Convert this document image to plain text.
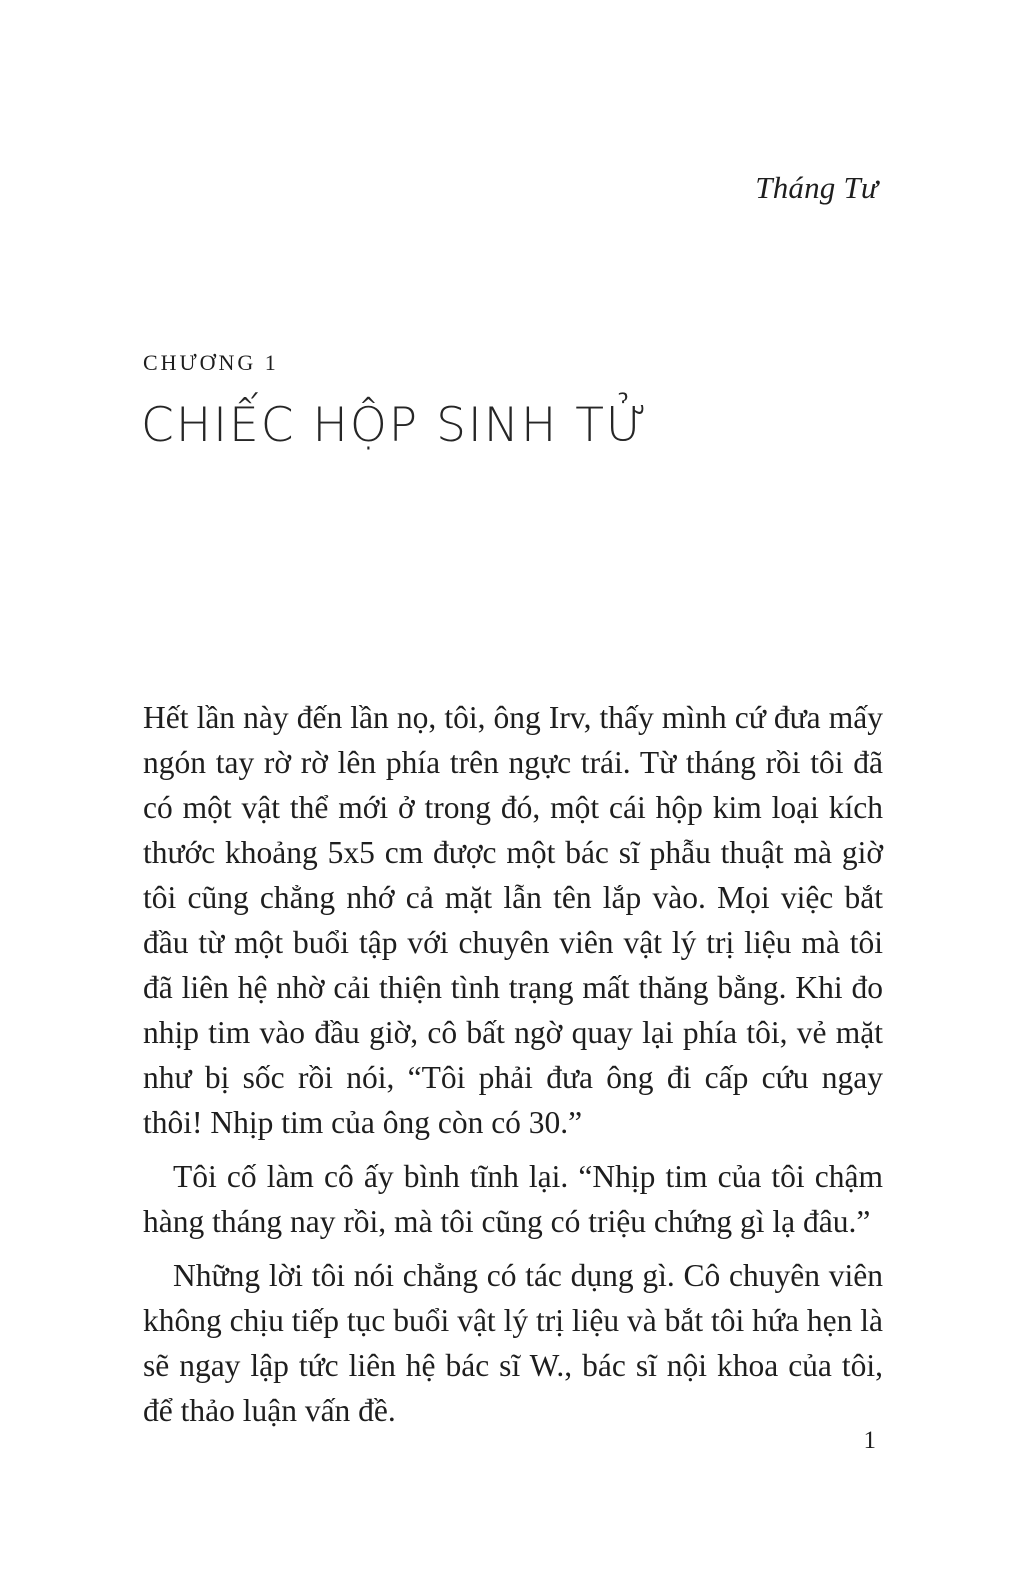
Tháng Tư
CHƯƠNG 1
CHIẾC HỘP SINH TỬ

Hết lần này đến lần nọ, tôi, ông Irv, thấy mình cứ đưa mấy ngón tay rờ rờ lên phía trên ngực trái. Từ tháng rồi tôi đã có một vật thể mới ở trong đó, một cái hộp kim loại kích thước khoảng 5x5 cm được một bác sĩ phẫu thuật mà giờ tôi cũng chẳng nhớ cả mặt lẫn tên lắp vào. Mọi việc bắt đầu từ một buổi tập với chuyên viên vật lý trị liệu mà tôi đã liên hệ nhờ cải thiện tình trạng mất thăng bằng. Khi đo nhịp tim vào đầu giờ, cô bất ngờ quay lại phía tôi, vẻ mặt như bị sốc rồi nói, “Tôi phải đưa ông đi cấp cứu ngay thôi! Nhịp tim của ông còn có 30.”

Tôi cố làm cô ấy bình tĩnh lại. “Nhịp tim của tôi chậm hàng tháng nay rồi, mà tôi cũng có triệu chứng gì lạ đâu.”

Những lời tôi nói chẳng có tác dụng gì. Cô chuyên viên không chịu tiếp tục buổi vật lý trị liệu và bắt tôi hứa hẹn là sẽ ngay lập tức liên hệ bác sĩ W., bác sĩ nội khoa của tôi, để thảo luận vấn đề.

1
